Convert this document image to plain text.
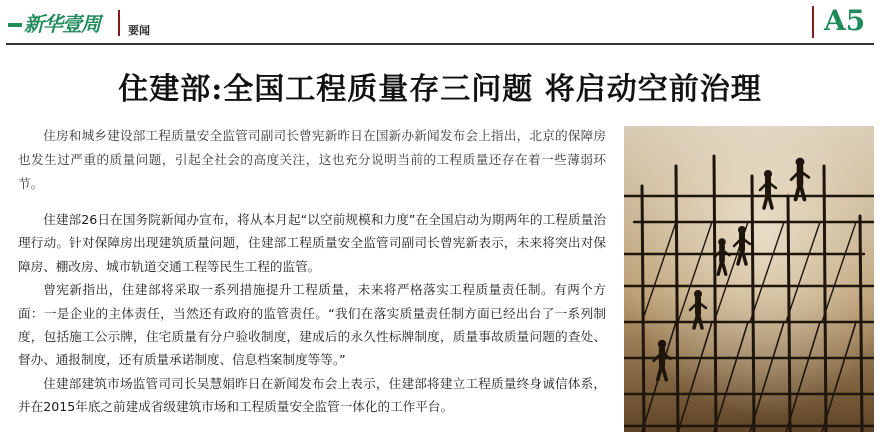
新华壹周	要闻	A5
住建部:全国工程质量存三问题 将启动空前治理
住房和城乡建设部工程质量安全监管司副司长曾宪新昨日在国新办新闻发布会上指出，北京的保障房也发生过严重的质量问题，引起全社会的高度关注，这也充分说明当前的工程质量还存在着一些薄弱环节。

住建部26日在国务院新闻办宣布，将从本月起“以空前规模和力度”在全国启动为期两年的工程质量治理行动。针对保障房出现建筑质量问题，住建部工程质量安全监管司副司长曾宪新表示，未来将突出对保障房、棚改房、城市轨道交通工程等民生工程的监管。

曾宪新指出，住建部将采取一系列措施提升工程质量，未来将严格落实工程质量责任制。有两个方面：一是企业的主体责任，当然还有政府的监管责任。“我们在落实质量责任制方面已经出台了一系列制度，包括施工公示牌，住宅质量有分户验收制度，建成后的永久性标牌制度，质量事故质量问题的查处、督办、通报制度，还有质量承诺制度、信息档案制度等等。”

住建部建筑市场监管司司长吴慧娟昨日在新闻发布会上表示，住建部将建立工程质量终身诚信体系，并在2015年底之前建成省级建筑市场和工程质量安全监管一体化的工作平台。
